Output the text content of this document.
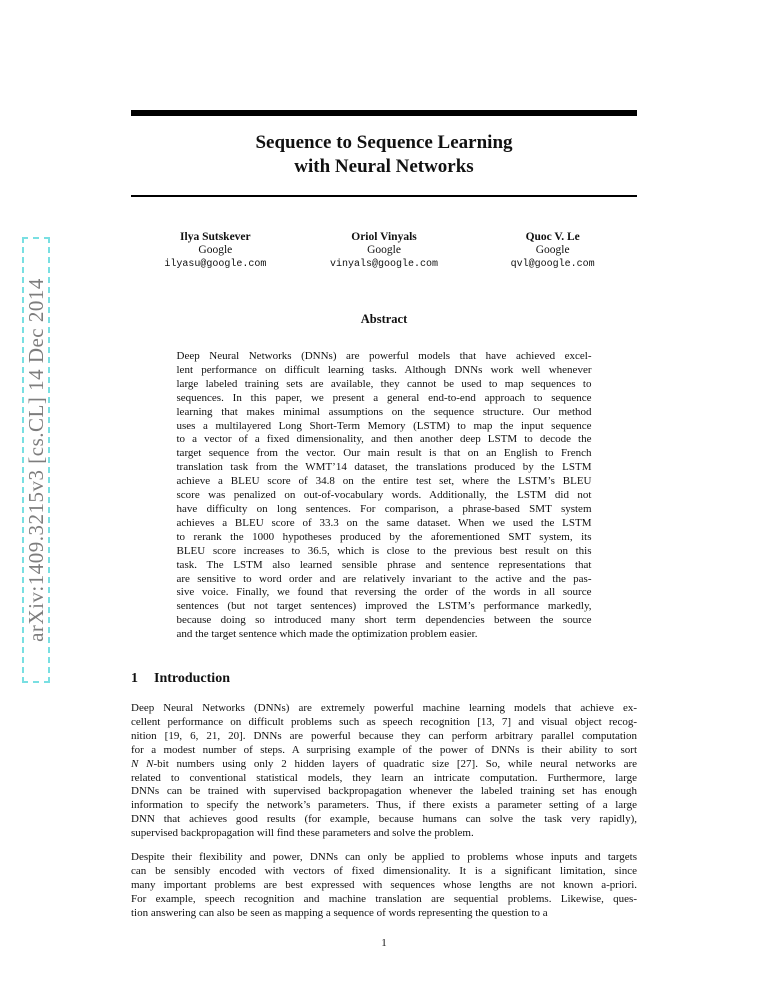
arXiv:1409.3215v3 [cs.CL] 14 Dec 2014
Sequence to Sequence Learning
with Neural Networks
Ilya Sutskever
Google
ilyasu@google.com
Oriol Vinyals
Google
vinyals@google.com
Quoc V. Le
Google
qvl@google.com
Abstract
Deep Neural Networks (DNNs) are powerful models that have achieved excel-
lent performance on difficult learning tasks. Although DNNs work well whenever
large labeled training sets are available, they cannot be used to map sequences to
sequences. In this paper, we present a general end-to-end approach to sequence
learning that makes minimal assumptions on the sequence structure. Our method
uses a multilayered Long Short-Term Memory (LSTM) to map the input sequence
to a vector of a fixed dimensionality, and then another deep LSTM to decode the
target sequence from the vector. Our main result is that on an English to French
translation task from the WMT’14 dataset, the translations produced by the LSTM
achieve a BLEU score of 34.8 on the entire test set, where the LSTM’s BLEU
score was penalized on out-of-vocabulary words. Additionally, the LSTM did not
have difficulty on long sentences. For comparison, a phrase-based SMT system
achieves a BLEU score of 33.3 on the same dataset. When we used the LSTM
to rerank the 1000 hypotheses produced by the aforementioned SMT system, its
BLEU score increases to 36.5, which is close to the previous best result on this
task. The LSTM also learned sensible phrase and sentence representations that
are sensitive to word order and are relatively invariant to the active and the pas-
sive voice. Finally, we found that reversing the order of the words in all source
sentences (but not target sentences) improved the LSTM’s performance markedly,
because doing so introduced many short term dependencies between the source
and the target sentence which made the optimization problem easier.
1 Introduction
Deep Neural Networks (DNNs) are extremely powerful machine learning models that achieve ex-
cellent performance on difficult problems such as speech recognition [13, 7] and visual object recog-
nition [19, 6, 21, 20]. DNNs are powerful because they can perform arbitrary parallel computation
for a modest number of steps. A surprising example of the power of DNNs is their ability to sort
N N-bit numbers using only 2 hidden layers of quadratic size [27]. So, while neural networks are
related to conventional statistical models, they learn an intricate computation. Furthermore, large
DNNs can be trained with supervised backpropagation whenever the labeled training set has enough
information to specify the network’s parameters. Thus, if there exists a parameter setting of a large
DNN that achieves good results (for example, because humans can solve the task very rapidly),
supervised backpropagation will find these parameters and solve the problem.
Despite their flexibility and power, DNNs can only be applied to problems whose inputs and targets
can be sensibly encoded with vectors of fixed dimensionality. It is a significant limitation, since
many important problems are best expressed with sequences whose lengths are not known a-priori.
For example, speech recognition and machine translation are sequential problems. Likewise, ques-
tion answering can also be seen as mapping a sequence of words representing the question to a
1
